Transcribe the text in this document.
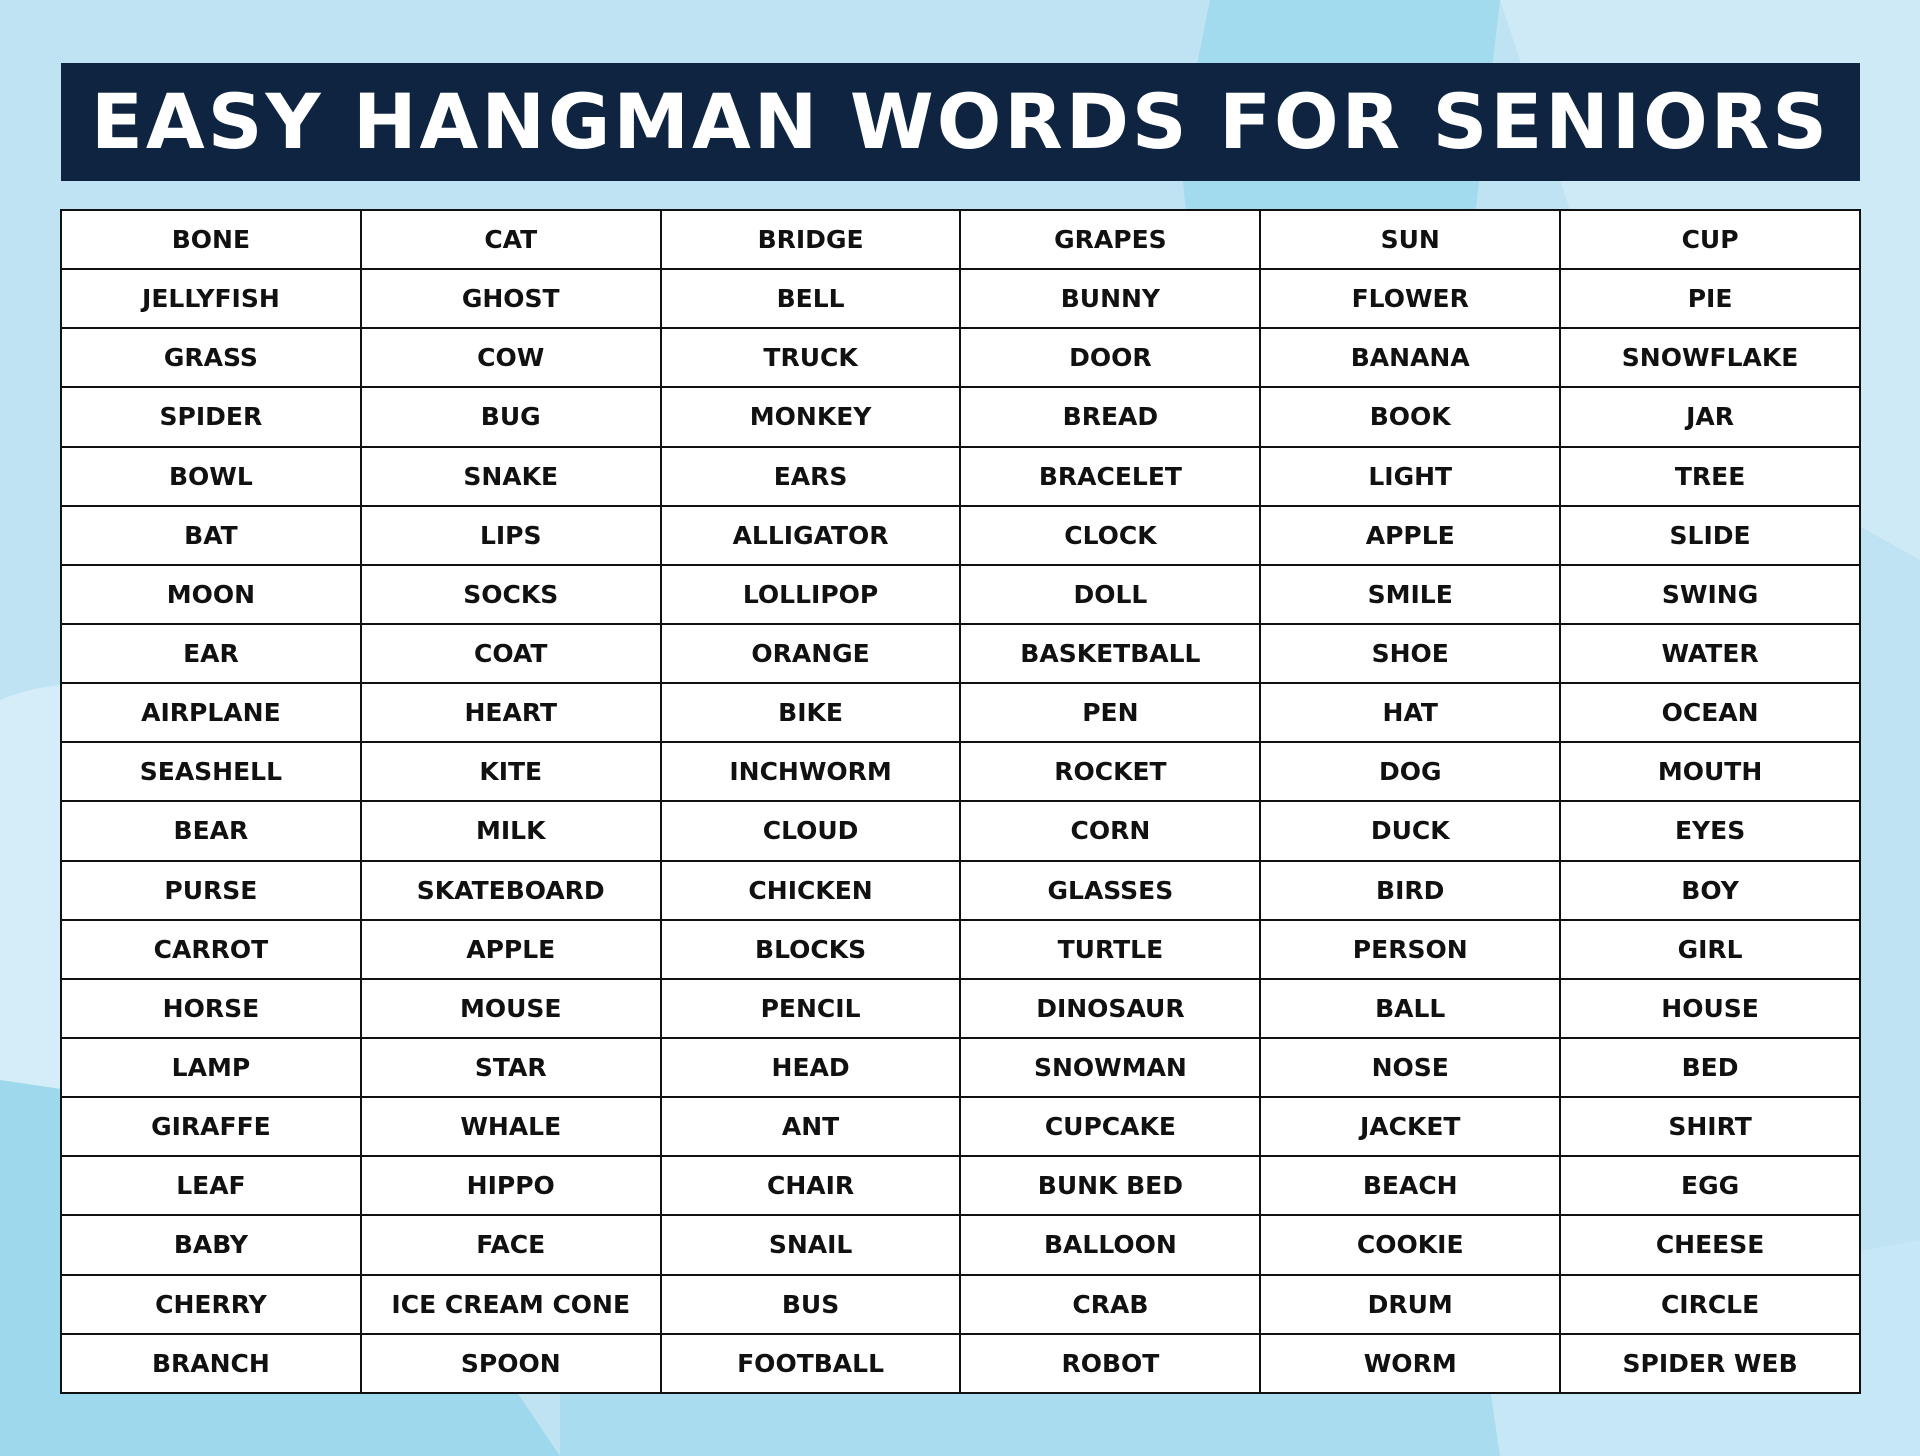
EASY HANGMAN WORDS FOR SENIORS
BONE	CAT	BRIDGE	GRAPES	SUN	CUP
JELLYFISH	GHOST	BELL	BUNNY	FLOWER	PIE
GRASS	COW	TRUCK	DOOR	BANANA	SNOWFLAKE
SPIDER	BUG	MONKEY	BREAD	BOOK	JAR
BOWL	SNAKE	EARS	BRACELET	LIGHT	TREE
BAT	LIPS	ALLIGATOR	CLOCK	APPLE	SLIDE
MOON	SOCKS	LOLLIPOP	DOLL	SMILE	SWING
EAR	COAT	ORANGE	BASKETBALL	SHOE	WATER
AIRPLANE	HEART	BIKE	PEN	HAT	OCEAN
SEASHELL	KITE	INCHWORM	ROCKET	DOG	MOUTH
BEAR	MILK	CLOUD	CORN	DUCK	EYES
PURSE	SKATEBOARD	CHICKEN	GLASSES	BIRD	BOY
CARROT	APPLE	BLOCKS	TURTLE	PERSON	GIRL
HORSE	MOUSE	PENCIL	DINOSAUR	BALL	HOUSE
LAMP	STAR	HEAD	SNOWMAN	NOSE	BED
GIRAFFE	WHALE	ANT	CUPCAKE	JACKET	SHIRT
LEAF	HIPPO	CHAIR	BUNK BED	BEACH	EGG
BABY	FACE	SNAIL	BALLOON	COOKIE	CHEESE
CHERRY	ICE CREAM CONE	BUS	CRAB	DRUM	CIRCLE
BRANCH	SPOON	FOOTBALL	ROBOT	WORM	SPIDER WEB
